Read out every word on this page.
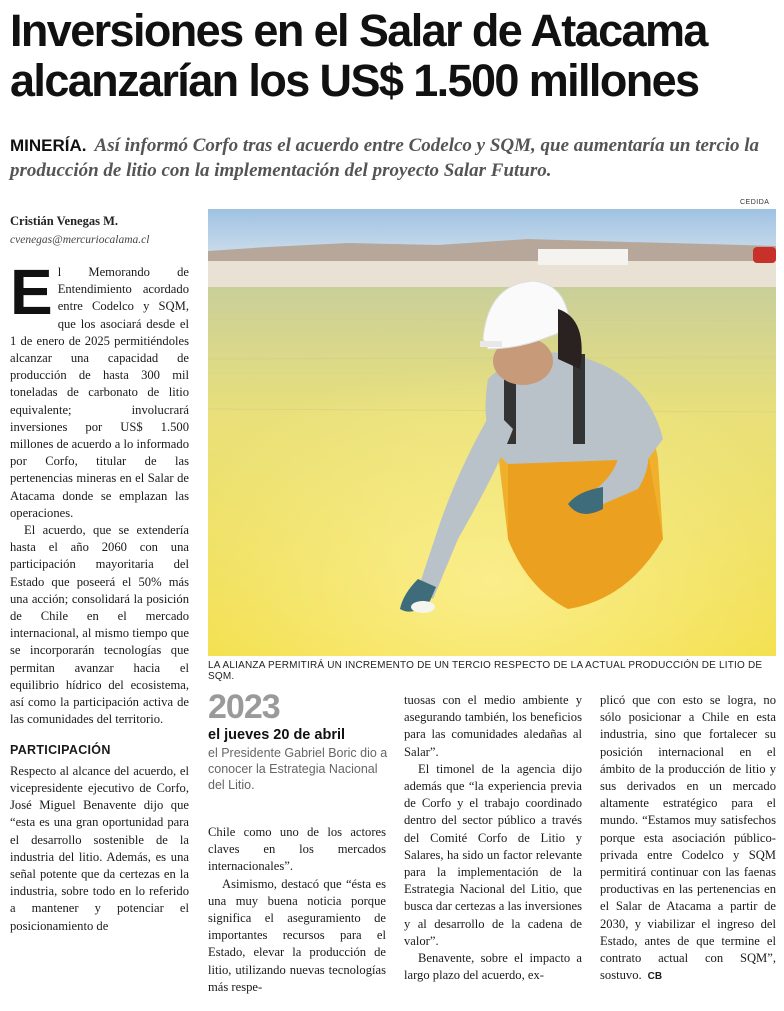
Inversiones en el Salar de Atacama
alcanzarían los US$ 1.500 millones
MINERÍA. Así informó Corfo tras el acuerdo entre Codelco y SQM, que aumentaría un tercio la producción de litio con la implementación del proyecto Salar Futuro.
Cristián Venegas M.
cvenegas@mercuriocalama.cl

El Memorando de Entendimiento acordado entre Codelco y SQM, que los asociará desde el 1 de enero de 2025 permitiéndoles alcanzar una capacidad de producción de hasta 300 mil toneladas de carbonato de litio equivalente; involucrará inversiones por US$ 1.500 millones de acuerdo a lo informado por Corfo, titular de las pertenencias mineras en el Salar de Atacama donde se emplazan las operaciones.

El acuerdo, que se extendería hasta el año 2060 con una participación mayoritaria del Estado que poseerá el 50% más una acción; consolidará la posición de Chile en el mercado internacional, al mismo tiempo que se incorporarán tecnologías que permitan avanzar hacia el equilibrio hídrico del ecosistema, así como la participación activa de las comunidades del territorio.

PARTICIPACIÓN

Respecto al alcance del acuerdo, el vicepresidente ejecutivo de Corfo, José Miguel Benavente dijo que “esta es una gran oportunidad para el desarrollo sostenible de la industria del litio. Además, es una señal potente que da certezas en la industria, sobre todo en lo referido a mantener y potenciar el posicionamiento de

CEDIDA
LA ALIANZA PERMITIRÁ UN INCREMENTO DE UN TERCIO RESPECTO DE LA ACTUAL PRODUCCIÓN DE LITIO DE SQM.
2023
el jueves 20 de abril
el Presidente Gabriel Boric dio a conocer la Estrategia Nacional del Litio.

Chile como uno de los actores claves en los mercados internacionales”.

Asimismo, destacó que “ésta es una muy buena noticia porque significa el aseguramiento de importantes recursos para el Estado, elevar la producción de litio, utilizando nuevas tecnologías más respe-

tuosas con el medio ambiente y asegurando también, los beneficios para las comunidades aledañas al Salar”.

El timonel de la agencia dijo además que “la experiencia previa de Corfo y el trabajo coordinado dentro del sector público a través del Comité Corfo de Litio y Salares, ha sido un factor relevante para la implementación de la Estrategia Nacional del Litio, que busca dar certezas a las inversiones y al desarrollo de la cadena de valor”.

Benavente, sobre el impacto a largo plazo del acuerdo, ex-

plicó que con esto se logra, no sólo posicionar a Chile en esta industria, sino que fortalecer su posición internacional en el ámbito de la producción de litio y sus derivados en un mercado altamente estratégico para el mundo. “Estamos muy satisfechos porque esta asociación público-privada entre Codelco y SQM permitirá continuar con las faenas productivas en las pertenencias en el Salar de Atacama a partir de 2030, y viabilizar el ingreso del Estado, antes de que termine el contrato actual con SQM”, sostuvo. CB
